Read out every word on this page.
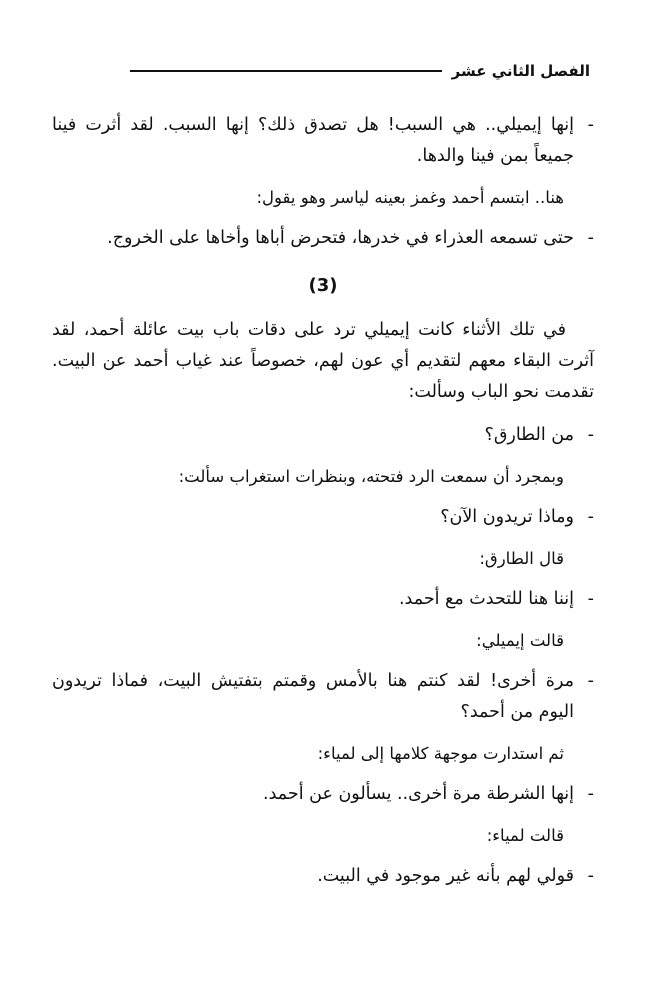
الفصل الثاني عشر
-
إنها إيميلي.. هي السبب! هل تصدق ذلك؟ إنها السبب. لقد أثرت فينا جميعاً بمن فينا والدها.
هنا.. ابتسم أحمد وغمز بعينه لياسر وهو يقول:
-
حتى تسمعه العذراء في خدرها، فتحرض أباها وأخاها على الخروج.
(3)
في تلك الأثناء كانت إيميلي ترد على دقات باب بيت عائلة أحمد، لقد آثرت البقاء معهم لتقديم أي عون لهم، خصوصاً عند غياب أحمد عن البيت. تقدمت نحو الباب وسألت:
-
من الطارق؟
وبمجرد أن سمعت الرد فتحته، وبنظرات استغراب سألت:
-
وماذا تريدون الآن؟
قال الطارق:
-
إننا هنا للتحدث مع أحمد.
قالت إيميلي:
-
مرة أخرى! لقد كنتم هنا بالأمس وقمتم بتفتيش البيت، فماذا تريدون اليوم من أحمد؟
ثم استدارت موجهة كلامها إلى لمياء:
-
إنها الشرطة مرة أخرى.. يسألون عن أحمد.
قالت لمياء:
-
قولي لهم بأنه غير موجود في البيت.
